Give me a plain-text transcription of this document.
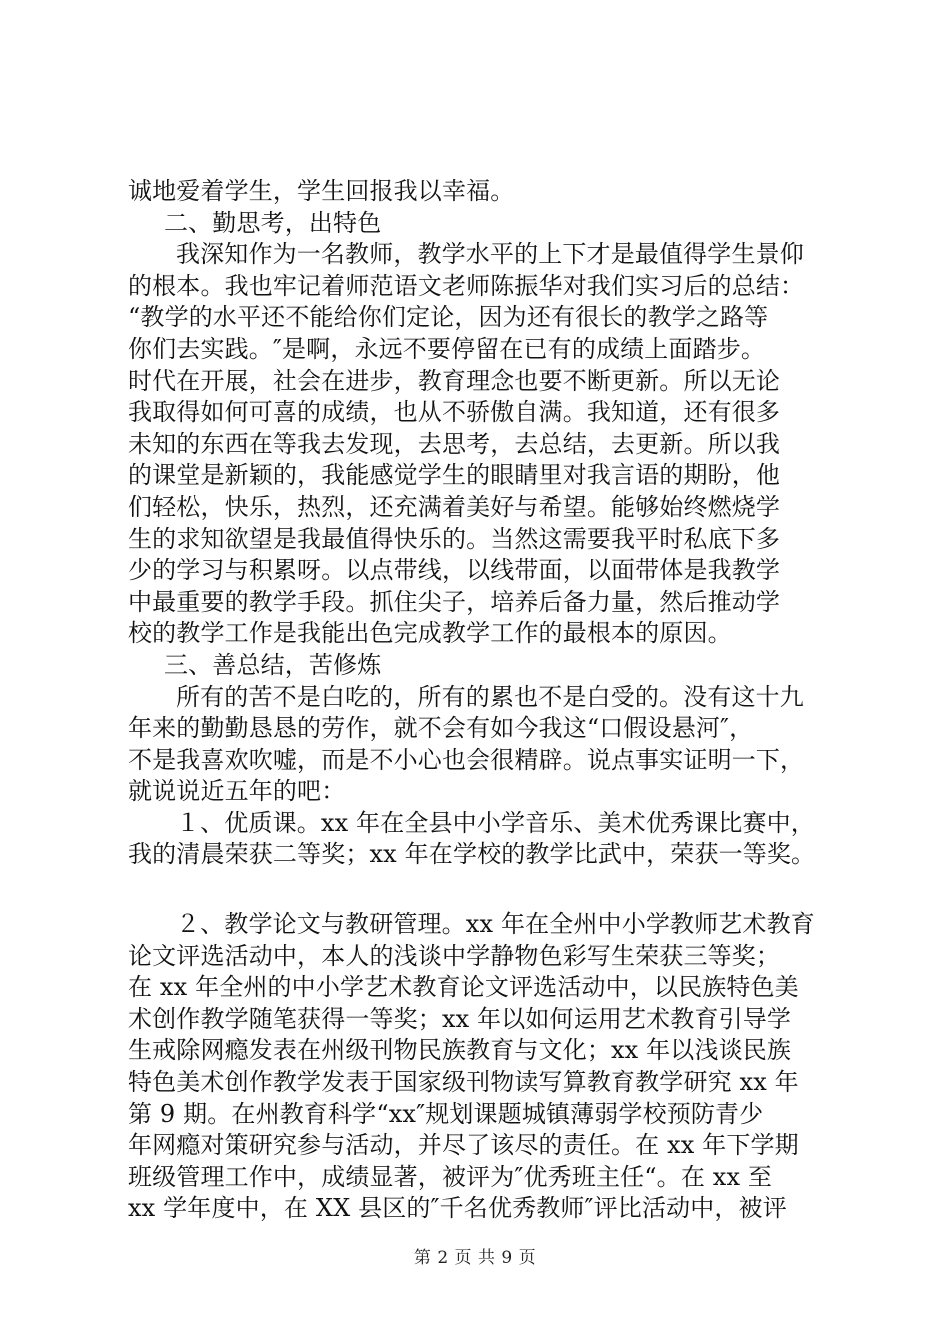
诚地爱着学生，学生回报我以幸福。
二、勤思考，出特色
我深知作为一名教师，教学水平的上下才是最值得学生景仰
的根本。我也牢记着师范语文老师陈振华对我们实习后的总结：
“教学的水平还不能给你们定论，因为还有很长的教学之路等
你们去实践。″是啊，永远不要停留在已有的成绩上面踏步。
时代在开展，社会在进步，教育理念也要不断更新。所以无论
我取得如何可喜的成绩，也从不骄傲自满。我知道，还有很多
未知的东西在等我去发现，去思考，去总结，去更新。所以我
的课堂是新颖的，我能感觉学生的眼睛里对我言语的期盼，他
们轻松，快乐，热烈，还充满着美好与希望。能够始终燃烧学
生的求知欲望是我最值得快乐的。当然这需要我平时私底下多
少的学习与积累呀。以点带线，以线带面，以面带体是我教学
中最重要的教学手段。抓住尖子，培养后备力量，然后推动学
校的教学工作是我能出色完成教学工作的最根本的原因。
三、善总结，苦修炼
所有的苦不是白吃的，所有的累也不是白受的。没有这十九
年来的勤勤恳恳的劳作，就不会有如今我这“口假设悬河″，
不是我喜欢吹嘘，而是不小心也会很精辟。说点事实证明一下，
就说说近五年的吧：
１、优质课。xx 年在全县中小学音乐、美术优秀课比赛中，
我的清晨荣获二等奖；xx 年在学校的教学比武中，荣获一等奖。
２、教学论文与教研管理。xx 年在全州中小学教师艺术教育
论文评选活动中，本人的浅谈中学静物色彩写生荣获三等奖；
在 xx 年全州的中小学艺术教育论文评选活动中，以民族特色美
术创作教学随笔获得一等奖；xx 年以如何运用艺术教育引导学
生戒除网瘾发表在州级刊物民族教育与文化；xx 年以浅谈民族
特色美术创作教学发表于国家级刊物读写算教育教学研究 xx 年
第 9 期。在州教育科学“xx″规划课题城镇薄弱学校预防青少
年网瘾对策研究参与活动，并尽了该尽的责任。在 xx 年下学期
班级管理工作中，成绩显著，被评为″优秀班主任“。在 xx 至
xx 学年度中，在 XX 县区的″千名优秀教师″评比活动中，被评
第 2 页 共 9 页
